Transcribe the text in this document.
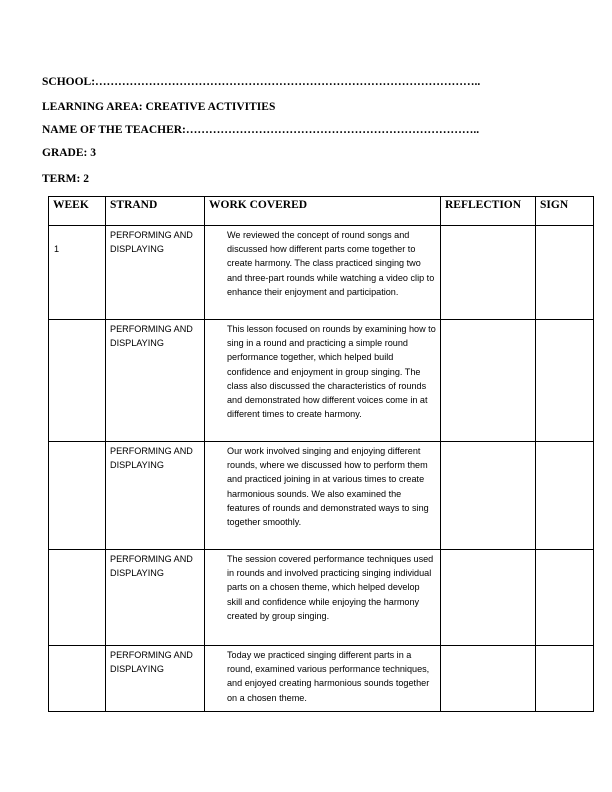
SCHOOL:………………………………………………………………………………………..
LEARNING AREA: CREATIVE ACTIVITIES
NAME OF THE TEACHER:…………………………………………………………………..
GRADE: 3
TERM: 2
WEEK	STRAND	WORK COVERED	REFLECTION	SIGN
1	PERFORMING AND DISPLAYING	We reviewed the concept of round songs and discussed how different parts come together to create harmony. The class practiced singing two and three-part rounds while watching a video clip to enhance their enjoyment and participation.		
	PERFORMING AND DISPLAYING	This lesson focused on rounds by examining how to sing in a round and practicing a simple round performance together, which helped build confidence and enjoyment in group singing. The class also discussed the characteristics of rounds and demonstrated how different voices come in at different times to create harmony.		
	PERFORMING AND DISPLAYING	Our work involved singing and enjoying different rounds, where we discussed how to perform them and practiced joining in at various times to create harmonious sounds. We also examined the features of rounds and demonstrated ways to sing together smoothly.		
	PERFORMING AND DISPLAYING	The session covered performance techniques used in rounds and involved practicing singing individual parts on a chosen theme, which helped develop skill and confidence while enjoying the harmony created by group singing.		
	PERFORMING AND DISPLAYING	Today we practiced singing different parts in a round, examined various performance techniques, and enjoyed creating harmonious sounds together on a chosen theme.		
